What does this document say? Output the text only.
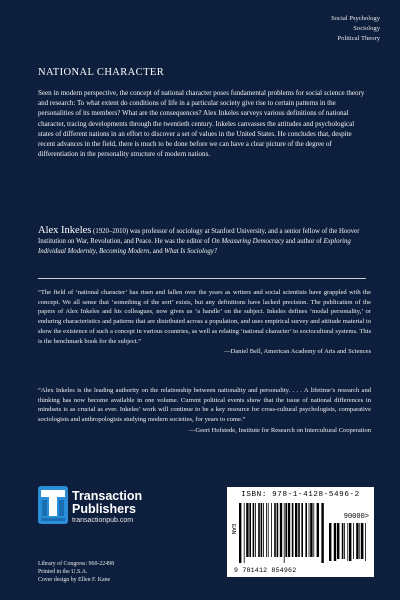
Social Psychology
Sociology
Political Theory
NATIONAL CHARACTER

Seen in modern perspective, the concept of national character poses fundamental problems for social science theory and research: To what extent do conditions of life in a particular society give rise to certain patterns in the personalities of its members? What are the consequences? Alex Inkeles surveys various definitions of national character, tracing developments through the twentieth century. Inkeles canvasses the attitudes and psychological states of different nations in an effort to discover a set of values in the United States. He concludes that, despite recent advances in the field, there is much to be done before we can have a clear picture of the degree of differentiation in the personality structure of modern nations.

Alex Inkeles (1920–2010) was professor of sociology at Stanford University, and a senior fellow of the Hoover Institution on War, Revolution, and Peace. He was the editor of On Measuring Democracy and author of Exploring Individual Modernity, Becoming Modern, and What Is Sociology?

“The field of ‘national character’ has risen and fallen over the years as writers and social scientists have grappled with the concept. We all sense that ‘something of the sort’ exists, but any definitions have lacked precision. The publication of the papers of Alex Inkeles and his colleagues, now gives us ‘a handle’ on the subject. Inkeles defines ‘modal personality,’ or enduring characteristics and patterns that are distributed across a population, and uses empirical survey and attitude material to show the existence of such a concept in various countries, as well as relating ‘national character’ to sociocultural systems. This is the benchmark book for the subject.”
—Daniel Bell, American Academy of Arts and Sciences
“Alex Inkeles is the leading authority on the relationship between nationality and personality. . . . A lifetime’s research and thinking has now become available in one volume. Current political events show that the issue of national differences in mindsets is as crucial as ever. Inkeles’ work will continue to be a key resource for cross-cultural psychologists, comparative sociologists and anthropologists studying modern societies, for years to come.”
—Geert Hofstede, Institute for Research on Intercultural Cooperation
Transaction
Publishers
transactionpub.com
Library of Congress: 960-22498
Printed in the U.S.A.
Cover design by Ellen F. Kane
ISBN: 978-1-4128-5496-2
EAN
90000>
9 781412 854962
